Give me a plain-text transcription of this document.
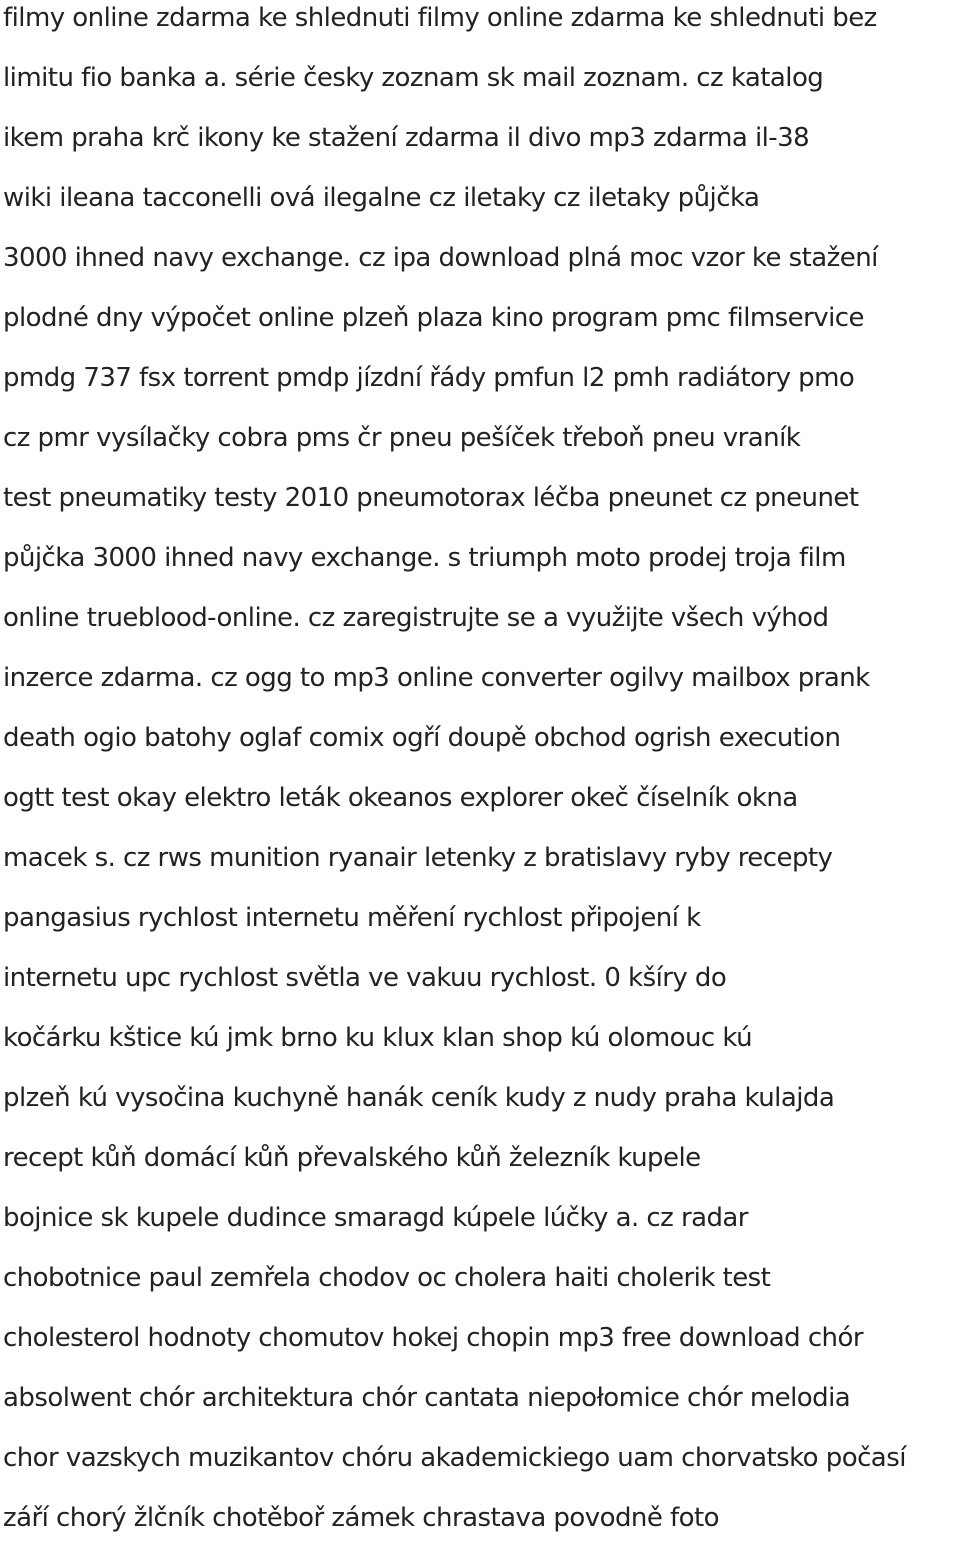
filmy online zdarma ke shlednuti filmy online zdarma ke shlednuti bez
limitu fio banka a. série česky zoznam sk mail zoznam. cz katalog
ikem praha krč ikony ke stažení zdarma il divo mp3 zdarma il-38
wiki ileana tacconelli ová ilegalne cz iletaky cz iletaky půjčka
3000 ihned navy exchange. cz ipa download plná moc vzor ke stažení
plodné dny výpočet online plzeň plaza kino program pmc filmservice
pmdg 737 fsx torrent pmdp jízdní řády pmfun l2 pmh radiátory pmo
cz pmr vysílačky cobra pms čr pneu pešíček třeboň pneu vraník
test pneumatiky testy 2010 pneumotorax léčba pneunet cz pneunet
půjčka 3000 ihned navy exchange. s triumph moto prodej troja film
online trueblood-online. cz zaregistrujte se a využijte všech výhod
inzerce zdarma. cz ogg to mp3 online converter ogilvy mailbox prank
death ogio batohy oglaf comix ogří doupě obchod ogrish execution
ogtt test okay elektro leták okeanos explorer okeč číselník okna
macek s. cz rws munition ryanair letenky z bratislavy ryby recepty
pangasius rychlost internetu měření rychlost připojení k
internetu upc rychlost světla ve vakuu rychlost. 0 kšíry do
kočárku kštice kú jmk brno ku klux klan shop kú olomouc kú
plzeň kú vysočina kuchyně hanák ceník kudy z nudy praha kulajda
recept kůň domácí kůň převalského kůň železník kupele
bojnice sk kupele dudince smaragd kúpele lúčky a. cz radar
chobotnice paul zemřela chodov oc cholera haiti cholerik test
cholesterol hodnoty chomutov hokej chopin mp3 free download chór
absolwent chór architektura chór cantata niepołomice chór melodia
chor vazskych muzikantov chóru akademickiego uam chorvatsko počasí
září chorý žlčník chotěboř zámek chrastava povodně foto
